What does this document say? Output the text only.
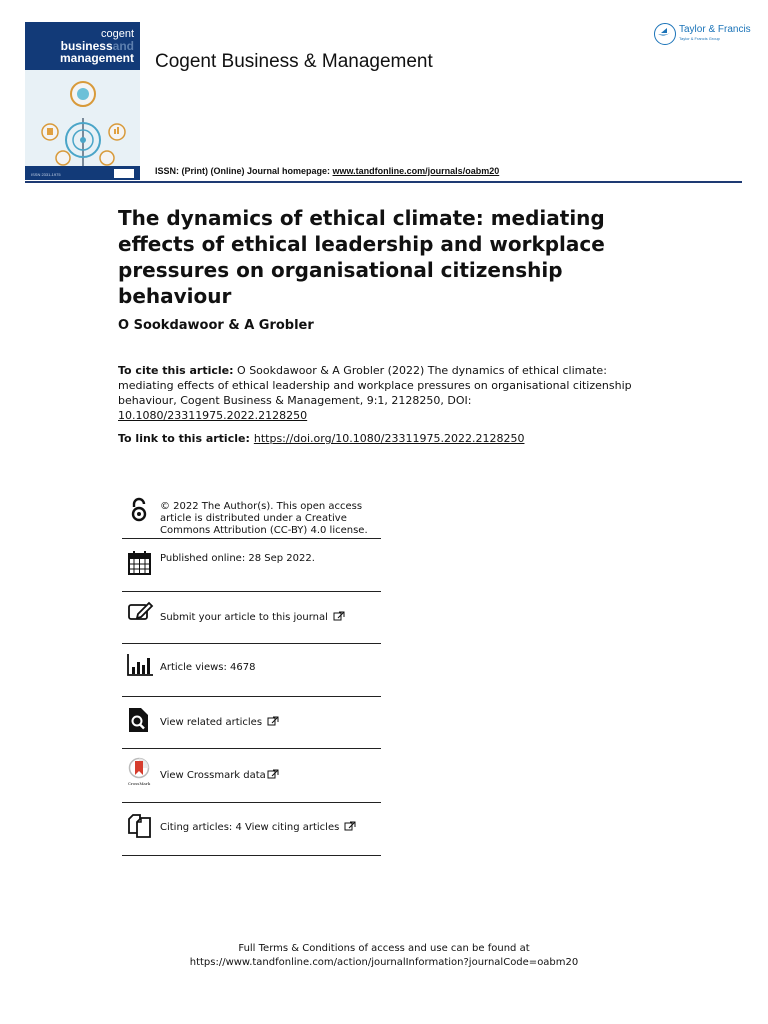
cogent
businessand
management
ISSN 2331-1975
Cogent Business & Management
Taylor & Francis
Taylor & Francis Group
ISSN: (Print) (Online) Journal homepage: www.tandfonline.com/journals/oabm20
The dynamics of ethical climate: mediating effects of ethical leadership and workplace pressures on organisational citizenship behaviour
O Sookdawoor & A Grobler
To cite this article: O Sookdawoor & A Grobler (2022) The dynamics of ethical climate: mediating effects of ethical leadership and workplace pressures on organisational citizenship behaviour, Cogent Business & Management, 9:1, 2128250, DOI: 10.1080/23311975.2022.2128250
To link to this article: https://doi.org/10.1080/23311975.2022.2128250
© 2022 The Author(s). This open access article is distributed under a Creative Commons Attribution (CC-BY) 4.0 license.
Published online: 28 Sep 2022.
Submit your article to this journal
Article views: 4678
View related articles
CrossMark
View Crossmark data
Citing articles: 4 View citing articles
Full Terms & Conditions of access and use can be found at
https://www.tandfonline.com/action/journalInformation?journalCode=oabm20
